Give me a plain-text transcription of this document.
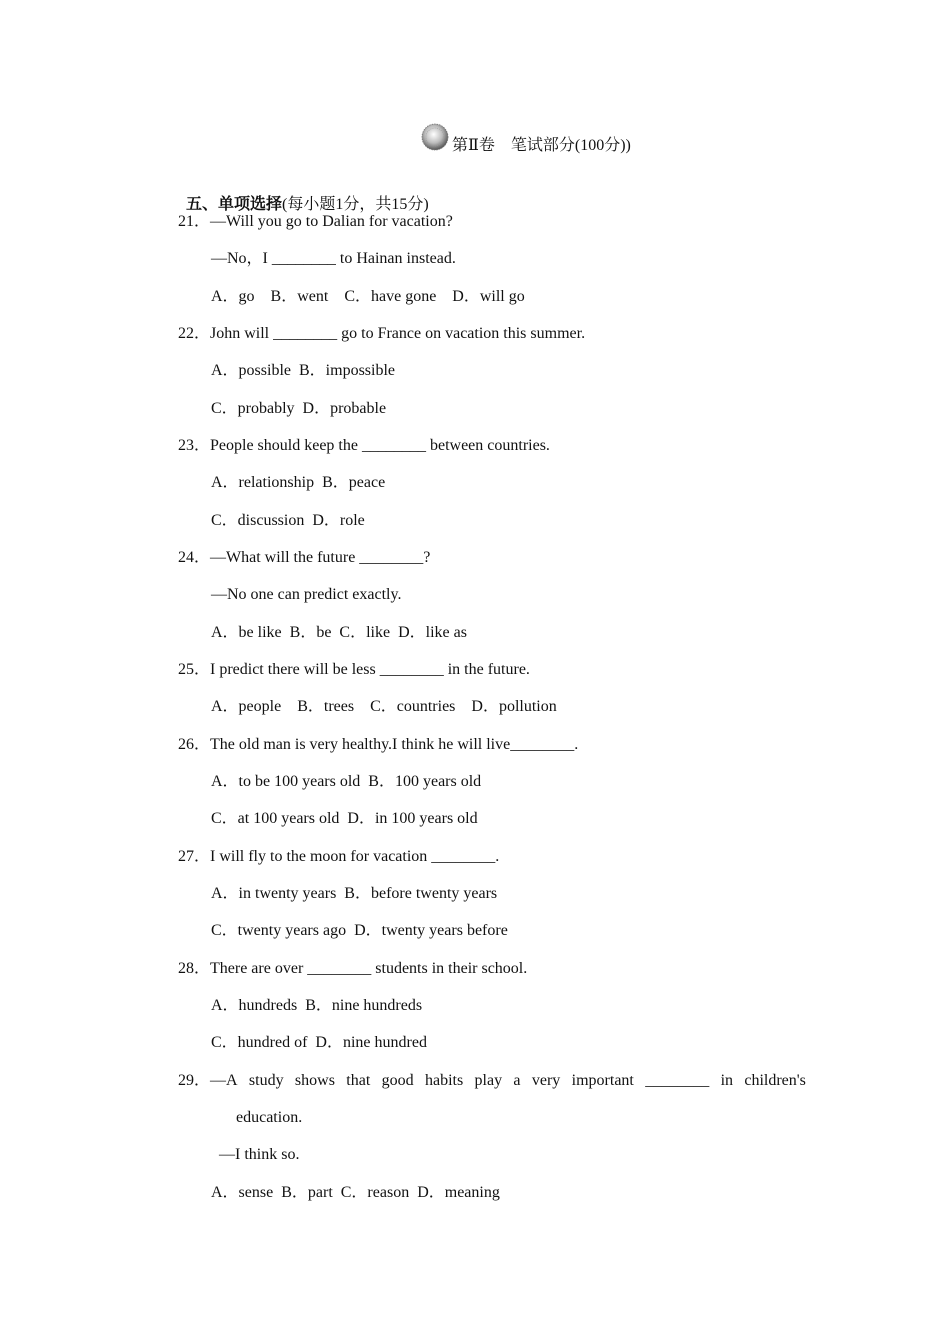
第Ⅱ卷　笔试部分(100分))

五、单项选择(每小题1分，共15分)

21．—Will you go to Dalian for vacation?
—No，I ________ to Hainan instead.
A．go    B．went    C．have gone    D．will go
22．John will ________ go to France on vacation this summer.
A．possible  B．impossible
C．probably  D．probable
23．People should keep the ________ between countries.
A．relationship  B．peace
C．discussion  D．role
24．—What will the future ________?
—No one can predict exactly.
A．be like  B．be  C．like  D．like as
25．I predict there will be less ________ in the future.
A．people    B．trees    C．countries    D．pollution
26．The old man is very healthy.I think he will live________.
A．to be 100 years old  B．100 years old
C．at 100 years old  D．in 100 years old
27．I will fly to the moon for vacation ________.
A．in twenty years  B．before twenty years
C．twenty years ago  D．twenty years before
28．There are over ________ students in their school.
A．hundreds  B．nine hundreds
C．hundred of  D．nine hundred
29．—A study shows that good habits play a very important ________ in children's
education.
—I think so.
A．sense  B．part  C．reason  D．meaning
